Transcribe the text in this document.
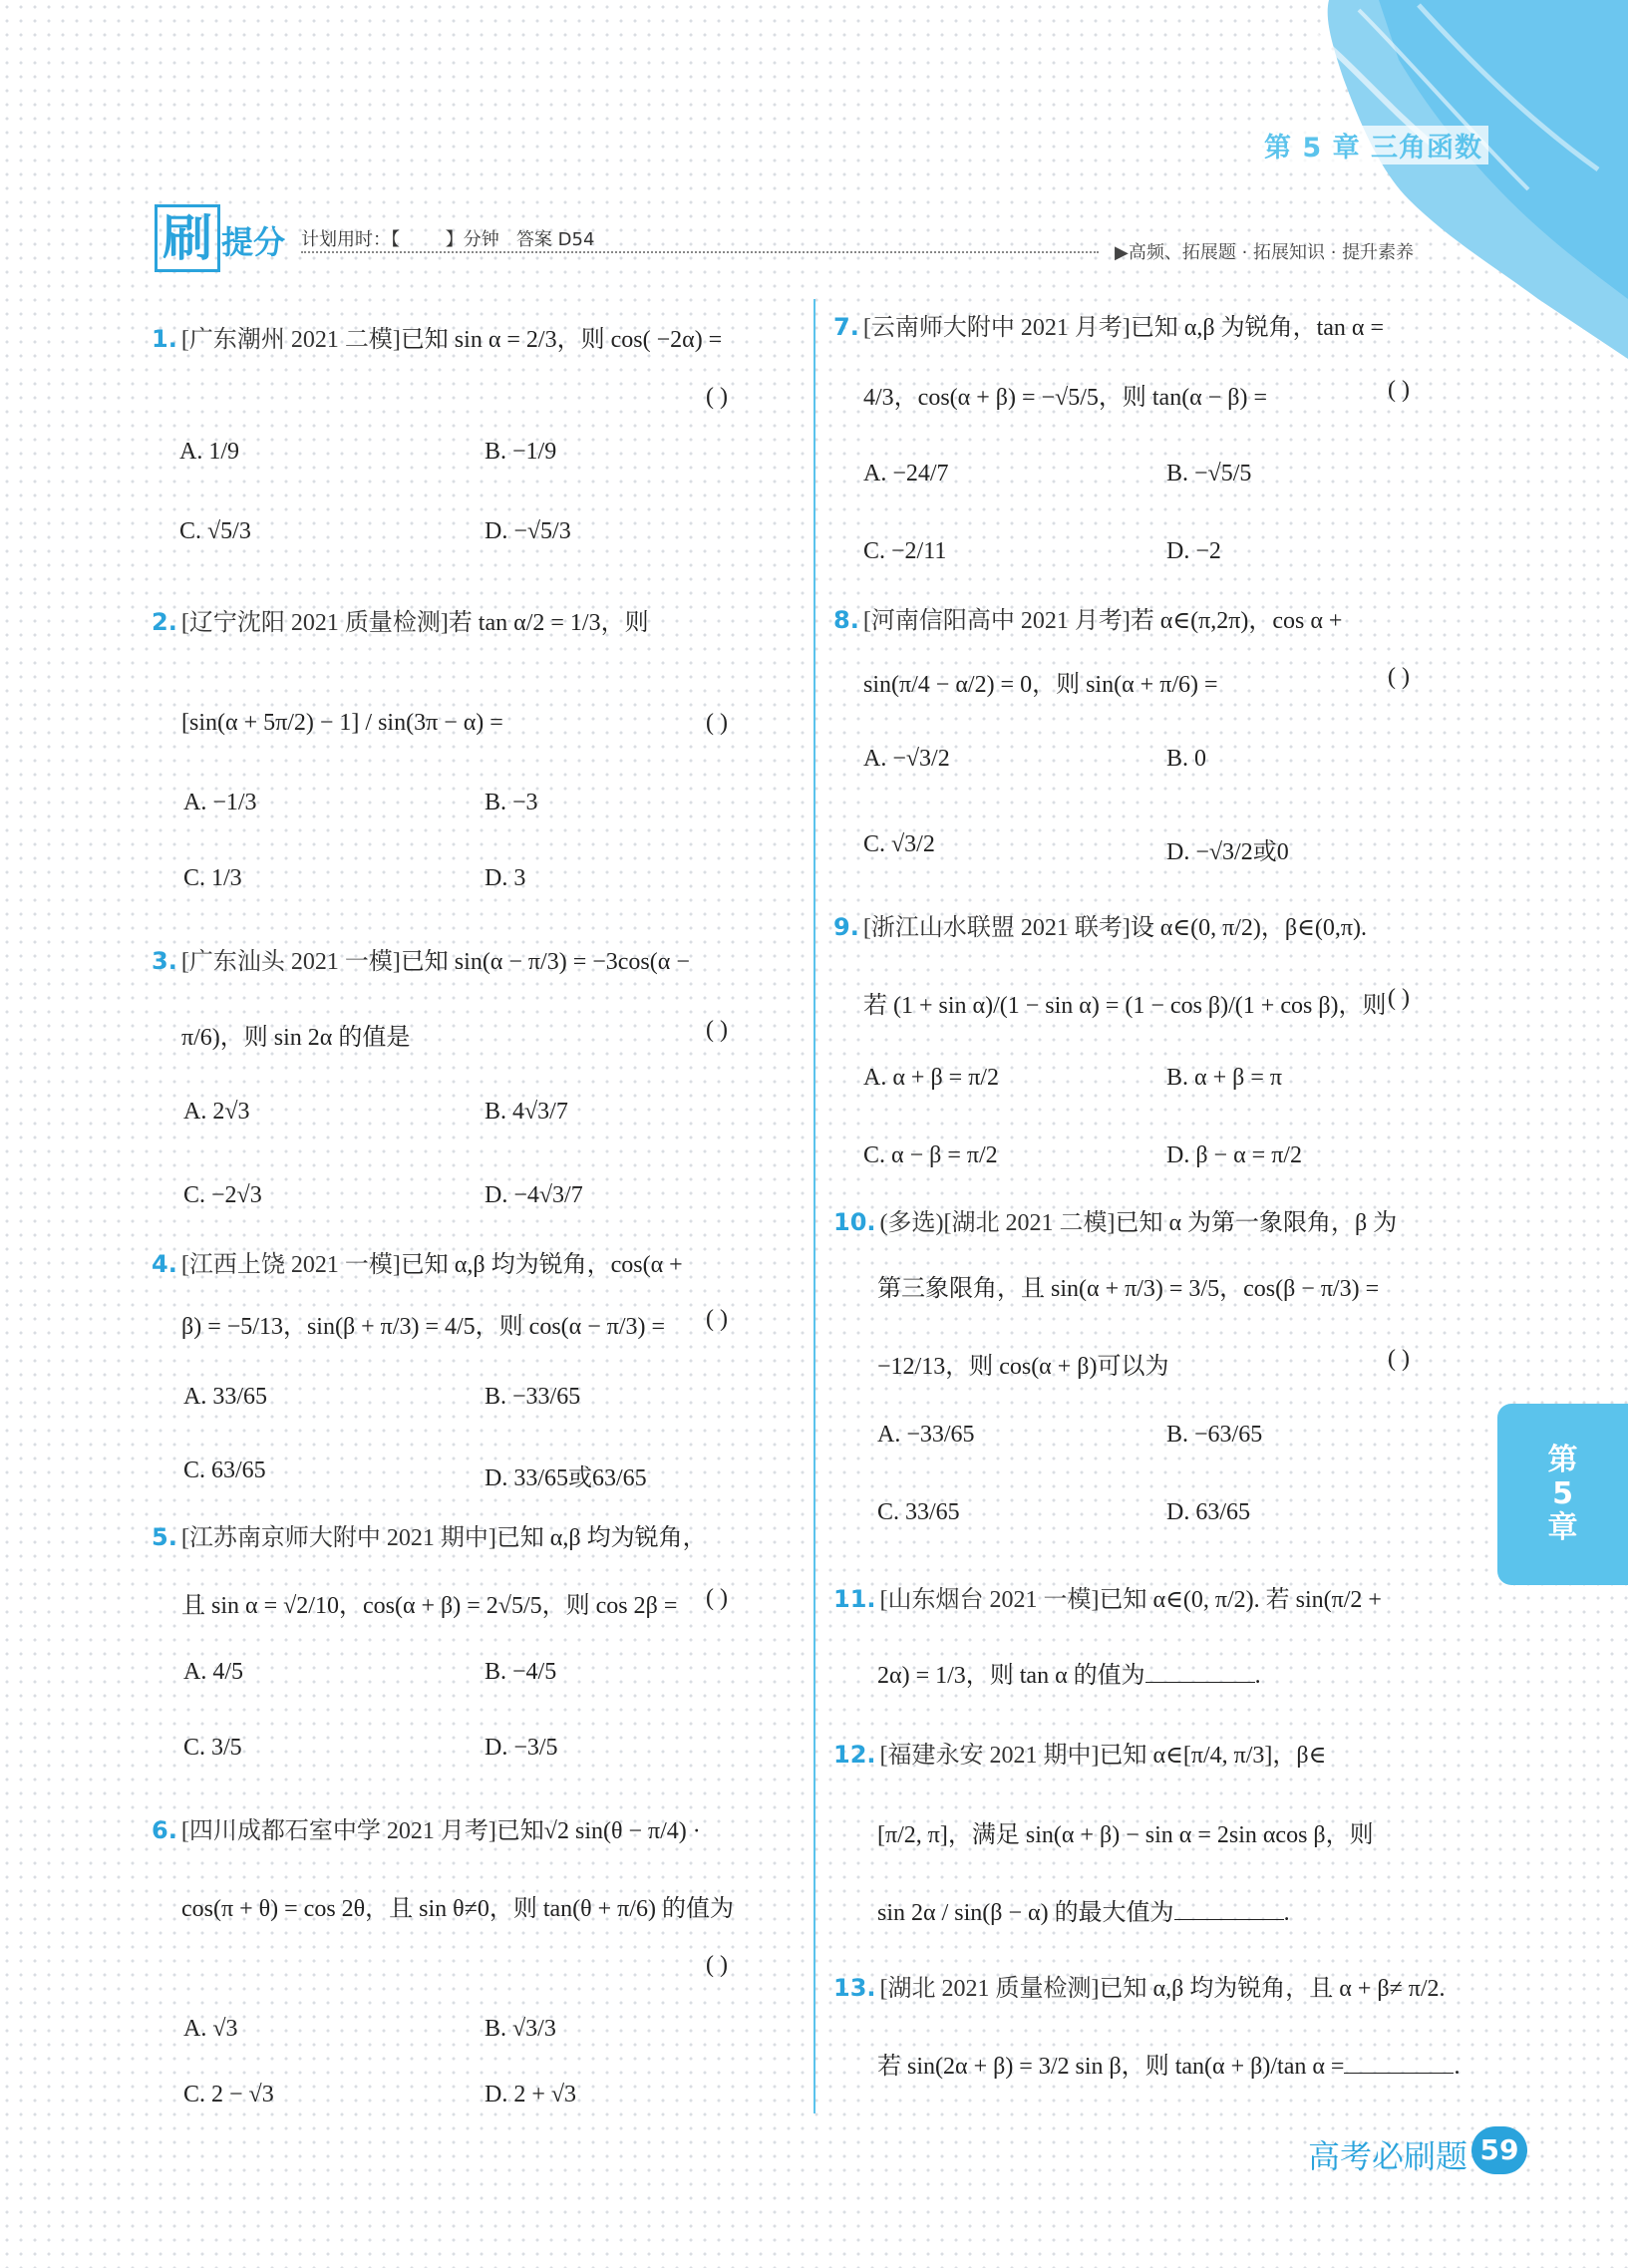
第 5 章 三角函数
刷 提分 计划用时：【        】分钟   答案 D54
▶高频、拓展题 · 拓展知识 · 提升素养
1. [广东潮州 2021 二模]已知 sin α = 2/3，则 cos( −2α) =
( )
A. 1/9	B. −1/9
C. √5/3	D. −√5/3
2. [辽宁沈阳 2021 质量检测]若 tan α/2 = 1/3，则
[sin(α + 5π/2) − 1] / sin(3π − α) =	( )
A. −1/3	B. −3
C. 1/3	D. 3
3. [广东汕头 2021 一模]已知 sin(α − π/3) = −3cos(α −
π/6)，则 sin 2α 的值是	( )
A. 2√3	B. 4√3/7
C. −2√3	D. −4√3/7
4. [江西上饶 2021 一模]已知 α,β 均为锐角，cos(α +
β) = −5/13，sin(β + π/3) = 4/5，则 cos(α − π/3) = ( )
A. 33/65	B. −33/65
C. 63/65	D. 33/65或63/65
5. [江苏南京师大附中 2021 期中]已知 α,β 均为锐角，
且 sin α = √2/10，cos(α + β) = 2√5/5，则 cos 2β = ( )
A. 4/5	B. −4/5
C. 3/5	D. −3/5
6. [四川成都石室中学 2021 月考]已知√2 sin(θ − π/4) ·
cos(π + θ) = cos 2θ，且 sin θ≠0，则 tan(θ + π/6) 的值为
( )
A. √3	B. √3/3
C. 2 − √3	D. 2 + √3
7. [云南师大附中 2021 月考]已知 α,β 为锐角，tan α =
4/3，cos(α + β) = −√5/5，则 tan(α − β) =	( )
A. −24/7	B. −√5/5
C. −2/11	D. −2
8. [河南信阳高中 2021 月考]若 α∈(π,2π)，cos α +
sin(π/4 − α/2) = 0，则 sin(α + π/6) =	( )
A. −√3/2	B. 0
C. √3/2	D. −√3/2或0
9. [浙江山水联盟 2021 联考]设 α∈(0, π/2)，β∈(0,π).
若 (1 + sin α)/(1 − sin α) = (1 − cos β)/(1 + cos β)，则 ( )
A. α + β = π/2	B. α + β = π
C. α − β = π/2	D. β − α = π/2
10. (多选)[湖北 2021 二模]已知 α 为第一象限角，β 为
第三象限角，且 sin(α + π/3) = 3/5，cos(β − π/3) =
−12/13，则 cos(α + β)可以为	( )
A. −33/65	B. −63/65
C. 33/65	D. 63/65
11. [山东烟台 2021 一模]已知 α∈(0, π/2). 若 sin(π/2 +
2α) = 1/3，则 tan α 的值为	.
12. [福建永安 2021 期中]已知 α∈[π/4, π/3]，β∈
[π/2, π]，满足 sin(α + β) − sin α = 2sin αcos β，则
sin 2α / sin(β − α) 的最大值为	.
13. [湖北 2021 质量检测]已知 α,β 均为锐角，且 α + β≠ π/2.
若 sin(2α + β) = 3/2 sin β，则 tan(α + β)/tan α =	.
第
5
章
高考必刷题 59
